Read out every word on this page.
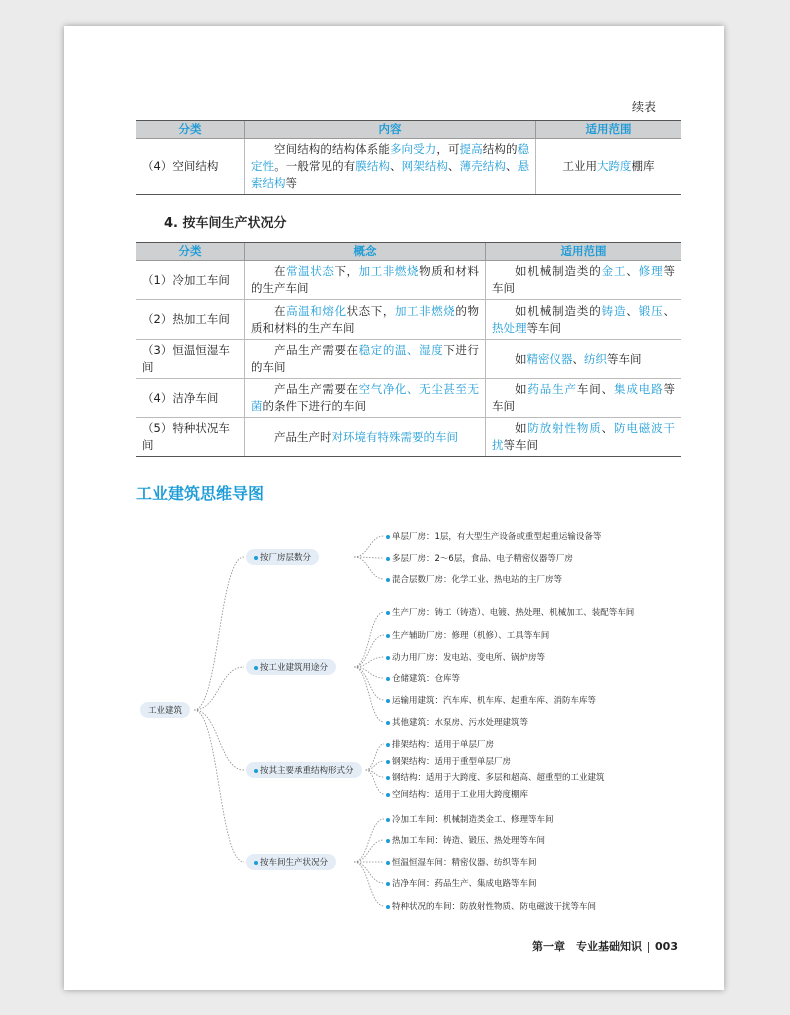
续表
分类	内容	适用范围
（4）空间结构	空间结构的结构体系能多向受力，可提高结构的稳定性。一般常见的有膜结构、网架结构、薄壳结构、悬索结构等	工业用大跨度棚库
4. 按车间生产状况分
分类	概念	适用范围
（1）冷加工车间	在常温状态下，加工非燃烧物质和材料的生产车间	如机械制造类的金工、修理等车间
（2）热加工车间	在高温和熔化状态下，加工非燃烧的物质和材料的生产车间	如机械制造类的铸造、锻压、热处理等车间
（3）恒温恒湿车间	产品生产需要在稳定的温、湿度下进行的车间	如精密仪器、纺织等车间
（4）洁净车间	产品生产需要在空气净化、无尘甚至无菌的条件下进行的车间	如药品生产车间、集成电路等车间
（5）特种状况车间	产品生产时对环境有特殊需要的车间	如防放射性物质、防电磁波干扰等车间
工业建筑思维导图
工业建筑
按厂房层数分
单层厂房：1层，有大型生产设备或重型起重运输设备等
多层厂房：2～6层，食品、电子精密仪器等厂房
混合层数厂房：化学工业、热电站的主厂房等
按工业建筑用途分
生产厂房：铸工（铸造）、电镀、热处理、机械加工、装配等车间
生产辅助厂房：修理（机修）、工具等车间
动力用厂房：发电站、变电所、锅炉房等
仓储建筑：仓库等
运输用建筑：汽车库、机车库、起重车库、消防车库等
其他建筑：水泵房、污水处理建筑等
按其主要承重结构形式分
排架结构：适用于单层厂房
钢架结构：适用于重型单层厂房
钢结构：适用于大跨度、多层和超高、超重型的工业建筑
空间结构：适用于工业用大跨度棚库
按车间生产状况分
冷加工车间：机械制造类金工、修理等车间
热加工车间：铸造、锻压、热处理等车间
恒温恒湿车间：精密仪器、纺织等车间
洁净车间：药品生产、集成电路等车间
特种状况的车间：防放射性物质、防电磁波干扰等车间
第一章　专业基础知识 003
